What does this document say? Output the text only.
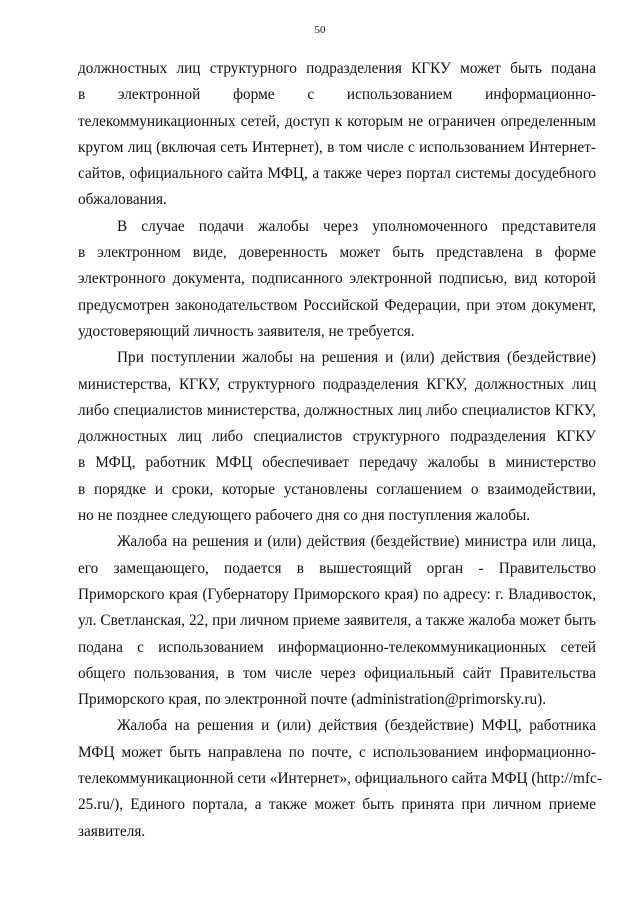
50
должностных лиц структурного подразделения КГКУ может быть подана
в электронной форме с использованием информационно-
телекоммуникационных сетей, доступ к которым не ограничен определенным
кругом лиц (включая сеть Интернет), в том числе с использованием Интернет-
сайтов, официального сайта МФЦ, а также через портал системы досудебного
обжалования.
В случае подачи жалобы через уполномоченного представителя
в электронном виде, доверенность может быть представлена в форме
электронного документа, подписанного электронной подписью, вид которой
предусмотрен законодательством Российской Федерации, при этом документ,
удостоверяющий личность заявителя, не требуется.
При поступлении жалобы на решения и (или) действия (бездействие)
министерства, КГКУ, структурного подразделения КГКУ, должностных лиц
либо специалистов министерства, должностных лиц либо специалистов КГКУ,
должностных лиц либо специалистов структурного подразделения КГКУ
в МФЦ, работник МФЦ обеспечивает передачу жалобы в министерство
в порядке и сроки, которые установлены соглашением о взаимодействии,
но не позднее следующего рабочего дня со дня поступления жалобы.
Жалоба на решения и (или) действия (бездействие) министра или лица,
его замещающего, подается в вышестоящий орган - Правительство
Приморского края (Губернатору Приморского края) по адресу: г. Владивосток,
ул. Светланская, 22, при личном приеме заявителя, а также жалоба может быть
подана с использованием информационно-телекоммуникационных сетей
общего пользования, в том числе через официальный сайт Правительства
Приморского края, по электронной почте (administration@primorsky.ru).
Жалоба на решения и (или) действия (бездействие) МФЦ, работника
МФЦ может быть направлена по почте, с использованием информационно-
телекоммуникационной сети «Интернет», официального сайта МФЦ (http://mfc-
25.ru/), Единого портала, а также может быть принята при личном приеме
заявителя.
